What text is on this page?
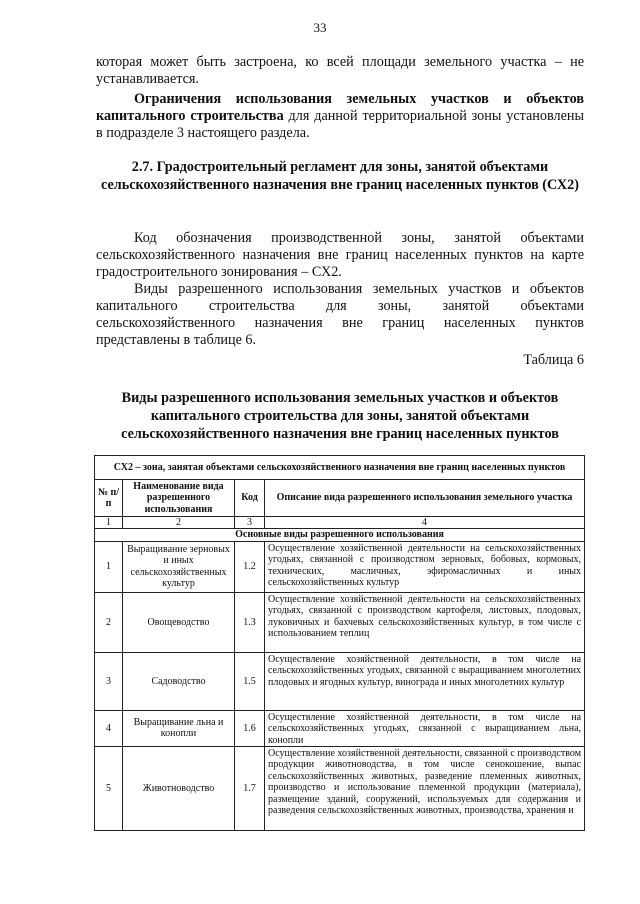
33

которая может быть застроена, ко всей площади земельного участка – не устанавливается.

Ограничения использования земельных участков и объектов капитального строительства для данной территориальной зоны установлены в подразделе 3 настоящего раздела.

2.7. Градостроительный регламент для зоны, занятой объектами сельскохозяйственного назначения вне границ населенных пунктов (СХ2)

Код обозначения производственной зоны, занятой объектами сельскохозяйственного назначения вне границ населенных пунктов на карте градостроительного зонирования – СХ2.

Виды разрешенного использования земельных участков и объектов капитального строительства для зоны, занятой объектами сельскохозяйственного назначения вне границ населенных пунктов представлены в таблице 6.

Таблица 6
Виды разрешенного использования земельных участков и объектов капитального строительства для зоны, занятой объектами сельскохозяйственного назначения вне границ населенных пунктов
СХ2 – зона, занятая объектами сельскохозяйственного назначения вне границ населенных пунктов			
№ п/п	Наименование вида разрешенного использования	Код	Описание вида разрешенного использования земельного участка
1	2	3	4
Основные виды разрешенного использования			
1	Выращивание зерновых и иных сельскохозяйственных культур	1.2	Осуществление хозяйственной деятельности на сельскохозяйственных угодьях, связанной с производством зерновых, бобовых, кормовых, технических, масличных, эфиромасличных и иных сельскохозяйственных культур
2	Овощеводство	1.3	Осуществление хозяйственной деятельности на сельскохозяйственных угодьях, связанной с производством картофеля, листовых, плодовых, луковичных и бахчевых сельскохозяйственных культур, в том числе с использованием теплиц
3	Садоводство	1.5	Осуществление хозяйственной деятельности, в том числе на сельскохозяйственных угодьях, связанной с выращиванием многолетних плодовых и ягодных культур, винограда и иных многолетних культур
4	Выращивание льна и конопли	1.6	Осуществление хозяйственной деятельности, в том числе на сельскохозяйственных угодьях, связанной с выращиванием льна, конопли
5	Животноводство	1.7	Осуществление хозяйственной деятельности, связанной с производством продукции животноводства, в том числе сенокошение, выпас сельскохозяйственных животных, разведение племенных животных, производство и использование племенной продукции (материала), размещение зданий, сооружений, используемых для содержания и разведения сельскохозяйственных животных, производства, хранения и
